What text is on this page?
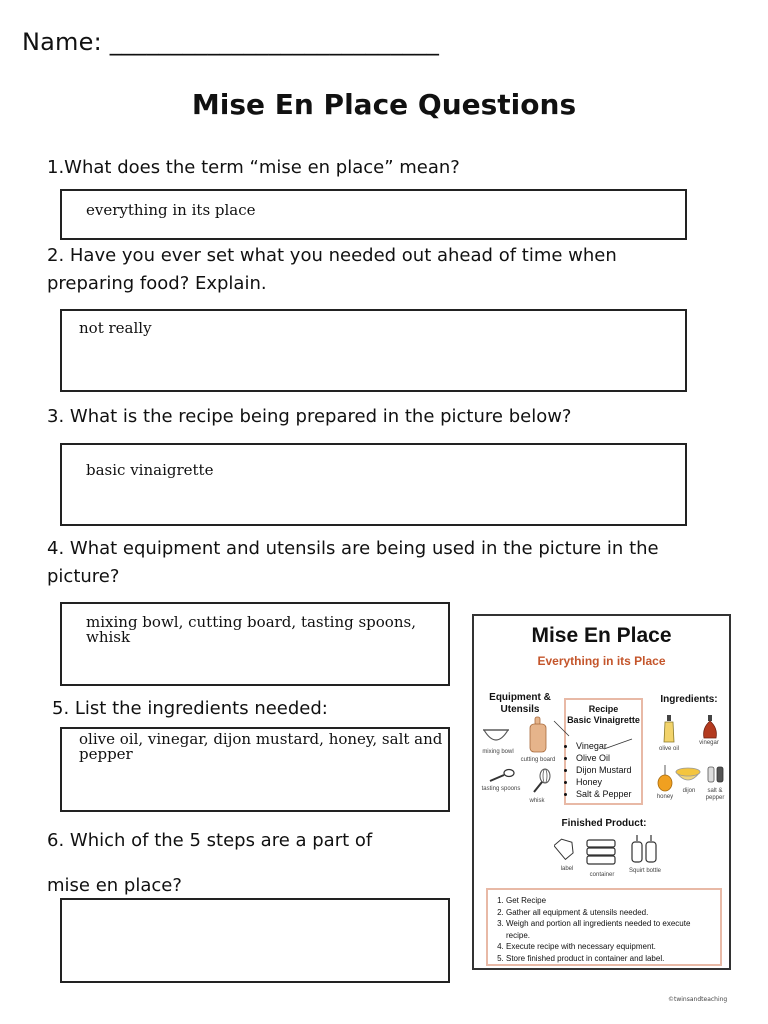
Name: ___________________________
Mise En Place Questions
1.What does the term “mise en place” mean?
everything in its place
2. Have you ever set what you needed out ahead of time when
preparing food? Explain.
not really
3. What is the recipe being prepared in the picture below?
basic vinaigrette
4. What equipment and utensils are being used in the picture in the
picture?
mixing bowl, cutting board, tasting spoons, whisk
5. List the ingredients needed:
olive oil, vinegar, dijon mustard, honey, salt and
pepper
6. Which of the 5 steps are a part of
mise en place?
Mise En Place
Everything in its Place
Equipment &
Utensils	Recipe
Basic Vinaigrette
• Vinegar
• Olive Oil
• Dijon Mustard
• Honey
• Salt & Pepper
Ingredients:
mixing bowl
cutting board
tasting spoons
whisk
olive oil
vinegar
honey
dijon	salt &
pepper
Finished Product:
label
container
Squirt bottle
1. Get Recipe
2. Gather all equipment & utensils needed.
3. Weigh and portion all ingredients needed to execute
recipe.
4. Execute recipe with necessary equipment.
5. Store finished product in container and label.
©twinsandteaching
